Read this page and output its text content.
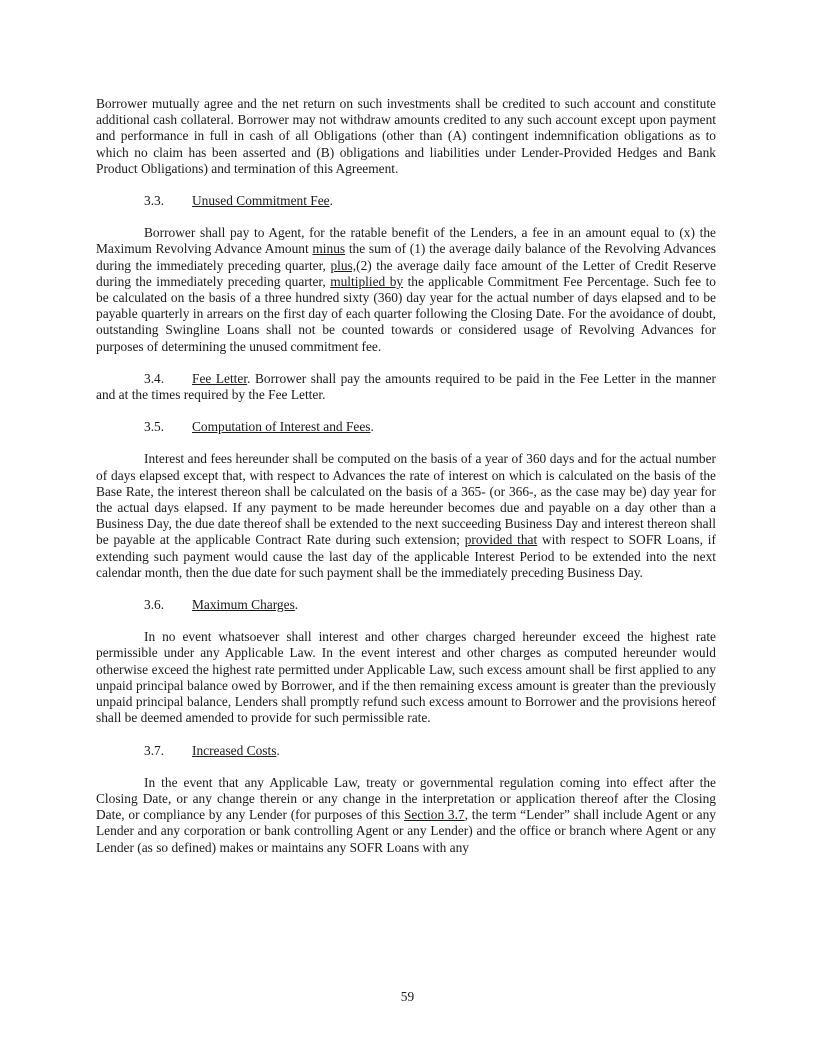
Borrower mutually agree and the net return on such investments shall be credited to such account and constitute additional cash collateral. Borrower may not withdraw amounts credited to any such account except upon payment and performance in full in cash of all Obligations (other than (A) contingent indemnification obligations as to which no claim has been asserted and (B) obligations and liabilities under Lender-Provided Hedges and Bank Product Obligations) and termination of this Agreement.

3.3. Unused Commitment Fee.

Borrower shall pay to Agent, for the ratable benefit of the Lenders, a fee in an amount equal to (x) the Maximum Revolving Advance Amount minus the sum of (1) the average daily balance of the Revolving Advances during the immediately preceding quarter, plus,(2) the average daily face amount of the Letter of Credit Reserve during the immediately preceding quarter, multiplied by the applicable Commitment Fee Percentage. Such fee to be calculated on the basis of a three hundred sixty (360) day year for the actual number of days elapsed and to be payable quarterly in arrears on the first day of each quarter following the Closing Date. For the avoidance of doubt, outstanding Swingline Loans shall not be counted towards or considered usage of Revolving Advances for purposes of determining the unused commitment fee.

3.4. Fee Letter. Borrower shall pay the amounts required to be paid in the Fee Letter in the manner and at the times required by the Fee Letter.

3.5. Computation of Interest and Fees.

Interest and fees hereunder shall be computed on the basis of a year of 360 days and for the actual number of days elapsed except that, with respect to Advances the rate of interest on which is calculated on the basis of the Base Rate, the interest thereon shall be calculated on the basis of a 365- (or 366-, as the case may be) day year for the actual days elapsed. If any payment to be made hereunder becomes due and payable on a day other than a Business Day, the due date thereof shall be extended to the next succeeding Business Day and interest thereon shall be payable at the applicable Contract Rate during such extension; provided that with respect to SOFR Loans, if extending such payment would cause the last day of the applicable Interest Period to be extended into the next calendar month, then the due date for such payment shall be the immediately preceding Business Day.

3.6. Maximum Charges.

In no event whatsoever shall interest and other charges charged hereunder exceed the highest rate permissible under any Applicable Law. In the event interest and other charges as computed hereunder would otherwise exceed the highest rate permitted under Applicable Law, such excess amount shall be first applied to any unpaid principal balance owed by Borrower, and if the then remaining excess amount is greater than the previously unpaid principal balance, Lenders shall promptly refund such excess amount to Borrower and the provisions hereof shall be deemed amended to provide for such permissible rate.

3.7. Increased Costs.

In the event that any Applicable Law, treaty or governmental regulation coming into effect after the Closing Date, or any change therein or any change in the interpretation or application thereof after the Closing Date, or compliance by any Lender (for purposes of this Section 3.7, the term “Lender” shall include Agent or any Lender and any corporation or bank controlling Agent or any Lender) and the office or branch where Agent or any Lender (as so defined) makes or maintains any SOFR Loans with any

59
